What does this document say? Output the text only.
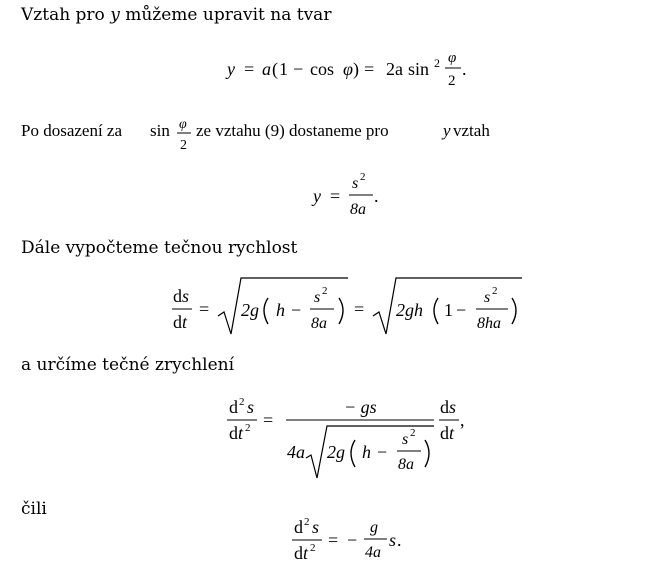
Vztah pro y můžeme upravit na tvar
y = a ( 1 − cos φ ) = 2a sin 2 φ
2
.
Po dosazení za sin φ
2
ze vztahu (9) dostaneme pro	y vztah
y =
s 2
8a
.
Dále vypočteme tečnou rychlost
d s
d t
= 2g h −
s 2
8a
= 2gh 1 −
s 2
8ha
a určíme tečné zrychlení
d 2 s
d t 2 =
− gs
4a 2g h −
s 2
8a
d s
d t
,
čili
d 2 s
d t 2 = −
g
4a
s .
